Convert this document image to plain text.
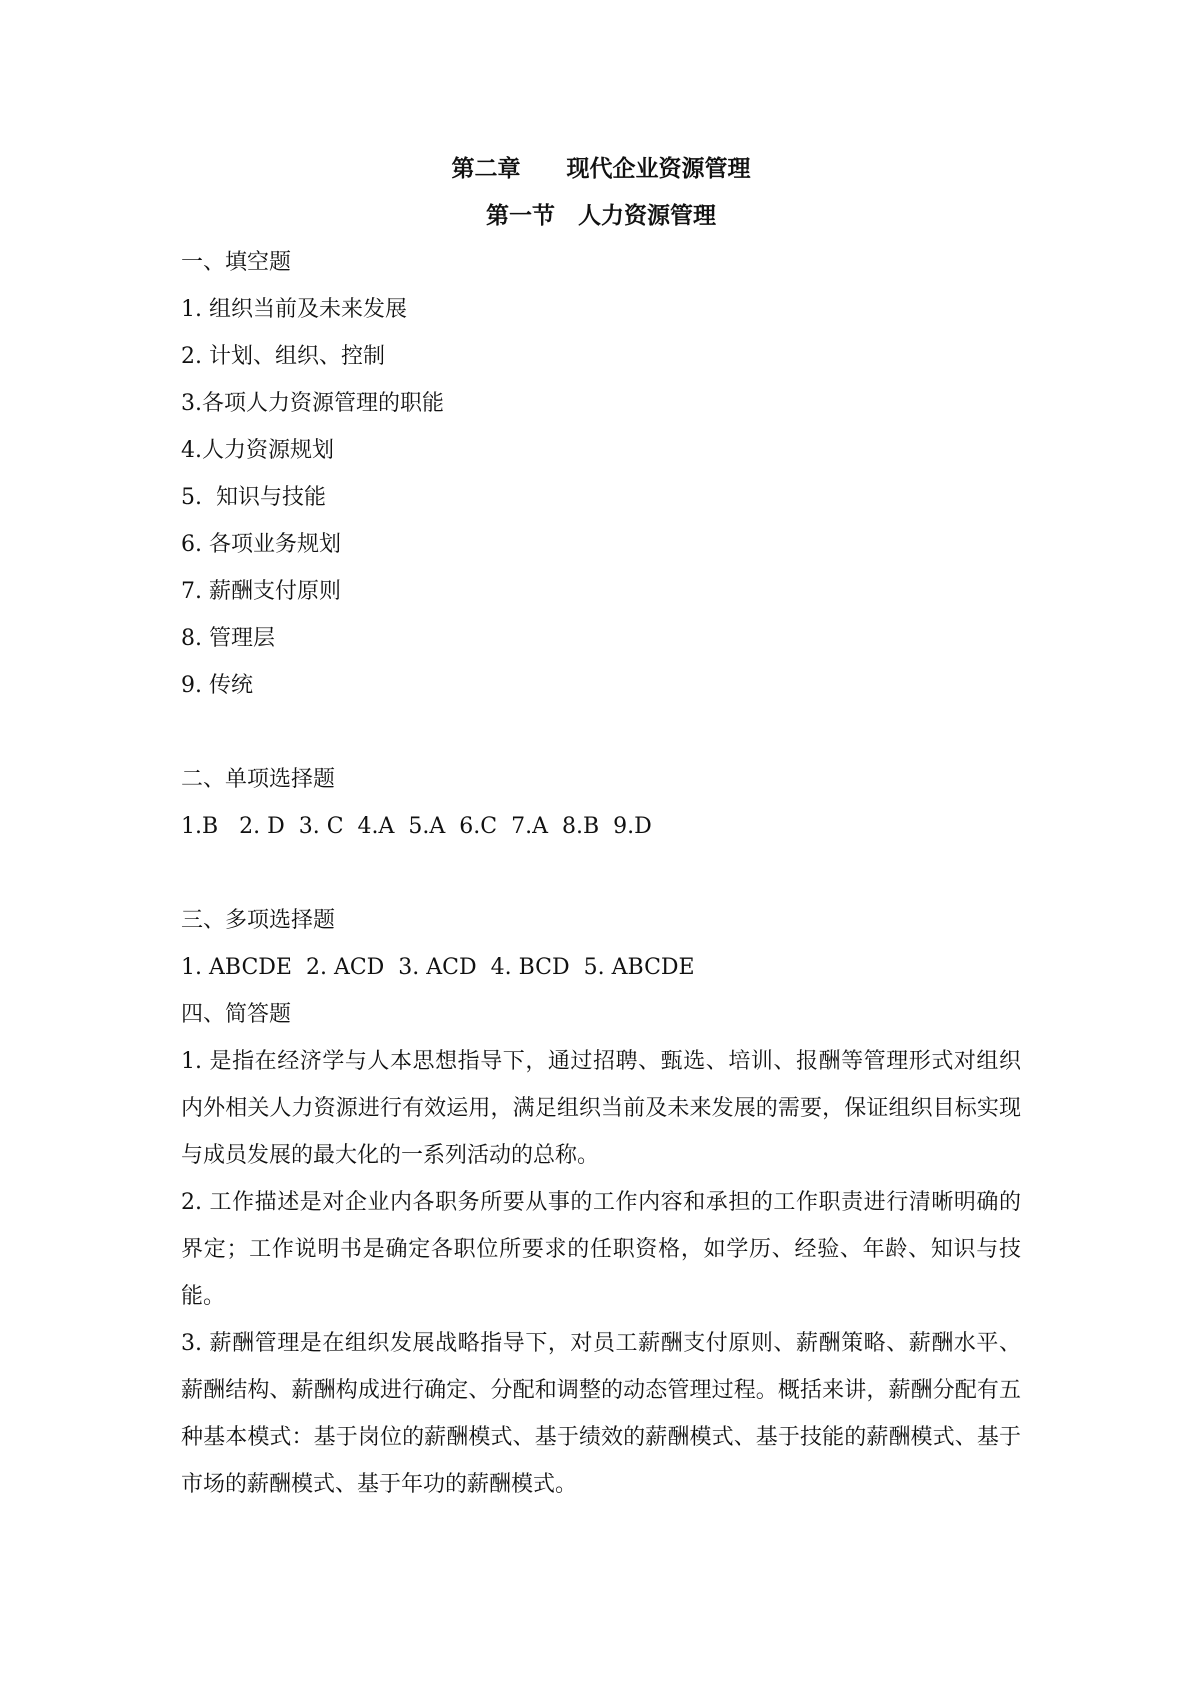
第二章　　现代企业资源管理

第一节　人力资源管理

一、填空题

1. 组织当前及未来发展

2. 计划、组织、控制

3.各项人力资源管理的职能

4.人力资源规划

5.  知识与技能

6. 各项业务规划

7. 薪酬支付原则

8. 管理层

9. 传统

二、单项选择题

1.B   2. D  3. C  4.A  5.A  6.C  7.A  8.B  9.D

三、多项选择题

1. ABCDE  2. ACD  3. ACD  4. BCD  5. ABCDE

四、简答题

1. 是指在经济学与人本思想指导下，通过招聘、甄选、培训、报酬等管理形式对组织内外相关人力资源进行有效运用，满足组织当前及未来发展的需要，保证组织目标实现与成员发展的最大化的一系列活动的总称。

2. 工作描述是对企业内各职务所要从事的工作内容和承担的工作职责进行清晰明确的界定；工作说明书是确定各职位所要求的任职资格，如学历、经验、年龄、知识与技能。

3. 薪酬管理是在组织发展战略指导下，对员工薪酬支付原则、薪酬策略、薪酬水平、薪酬结构、薪酬构成进行确定、分配和调整的动态管理过程。概括来讲，薪酬分配有五种基本模式：基于岗位的薪酬模式、基于绩效的薪酬模式、基于技能的薪酬模式、基于市场的薪酬模式、基于年功的薪酬模式。
